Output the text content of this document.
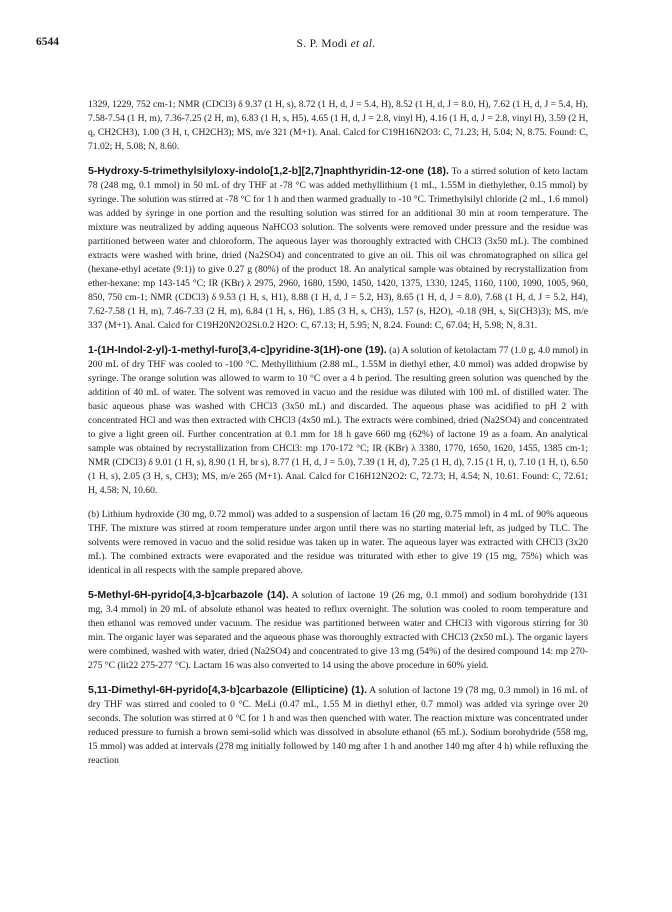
6544	S. P. Modi et al.

1329, 1229, 752 cm-1; NMR (CDCl3) δ 9.37 (1 H, s), 8.72 (1 H, d, J = 5.4, H), 8.52 (1 H, d, J = 8.0, H), 7.62 (1 H, d, J = 5.4, H), 7.58-7.54 (1 H, m), 7.36-7.25 (2 H, m), 6.83 (1 H, s, H5), 4.65 (1 H, d, J = 2.8, vinyl H), 4.16 (1 H, d, J = 2.8, vinyl H), 3.59 (2 H, q, CH2CH3), 1.00 (3 H, t, CH2CH3); MS, m/e 321 (M+1). Anal. Calcd for C19H16N2O3: C, 71.23; H, 5.04; N, 8.75. Found: C, 71.02; H, 5.08; N, 8.60.

5-Hydroxy-5-trimethylsilyloxy-indolo[1,2-b][2,7]naphthyridin-12-one (18). To a stirred solution of keto lactam 78 (248 mg, 0.1 mmol) in 50 mL of dry THF at -78 °C was added methyllithium (1 mL, 1.55M in diethylether, 0.15 mmol) by syringe. The solution was stirred at -78 °C for 1 h and then warmed gradually to -10 °C. Trimethylsilyl chloride (2 mL, 1.6 mmol) was added by syringe in one portion and the resulting solution was stirred for an additional 30 min at room temperature. The mixture was neutralized by adding aqueous NaHCO3 solution. The solvents were removed under pressure and the residue was partitioned between water and chloroform. The aqueous layer was thoroughly extracted with CHCl3 (3x50 mL). The combined extracts were washed with brine, dried (Na2SO4) and concentrated to give an oil. This oil was chromatographed on silica gel (hexane-ethyl acetate (9:1)) to give 0.27 g (80%) of the product 18. An analytical sample was obtained by recrystallization from ether-hexane: mp 143-145 °C; IR (KBr) λ 2975, 2960, 1680, 1590, 1450, 1420, 1375, 1330, 1245, 1160, 1100, 1090, 1005, 960, 850, 750 cm-1; NMR (CDCl3) δ 9.53 (1 H, s, H1), 8.88 (1 H, d, J = 5.2, H3), 8.65 (1 H, d, J = 8.0), 7.68 (1 H, d, J = 5.2, H4), 7.62-7.58 (1 H, m), 7.46-7.33 (2 H, m), 6.84 (1 H, s, H6), 1.85 (3 H, s, CH3), 1.57 (s, H2O), -0.18 (9H, s, Si(CH3)3); MS, m/e 337 (M+1). Anal. Calcd for C19H20N2O2Si.0.2 H2O: C, 67.13; H, 5.95; N, 8.24. Found: C, 67.04; H, 5.98; N, 8.31.

1-(1H-Indol-2-yl)-1-methyl-furo[3,4-c]pyridine-3(1H)-one (19). (a) A solution of ketolactam 77 (1.0 g, 4.0 mmol) in 200 mL of dry THF was cooled to -100 °C. Methyllithium (2.88 mL, 1.55M in diethyl ether, 4.0 mmol) was added dropwise by syringe. The orange solution was allowed to warm to 10 °C over a 4 h period. The resulting green solution was quenched by the addition of 40 mL of water. The solvent was removed in vacuo and the residue was diluted with 100 mL of distilled water. The basic aqueous phase was washed with CHCl3 (3x50 mL) and discarded. The aqueous phase was acidified to pH 2 with concentrated HCl and was then extracted with CHCl3 (4x50 mL). The extracts were combined, dried (Na2SO4) and concentrated to give a light green oil. Further concentration at 0.1 mm for 18 h gave 660 mg (62%) of lactone 19 as a foam. An analytical sample was obtained by recrystallization from CHCl3: mp 170-172 °C; IR (KBr) λ 3380, 1770, 1650, 1620, 1455, 1385 cm-1; NMR (CDCl3) δ 9.01 (1 H, s), 8.90 (1 H, br s), 8.77 (1 H, d, J = 5.0), 7.39 (1 H, d), 7.25 (1 H, d), 7.15 (1 H, t), 7.10 (1 H, t), 6.50 (1 H, s), 2.05 (3 H, s, CH3); MS, m/e 265 (M+1). Anal. Calcd for C16H12N2O2: C, 72.73; H, 4.54; N, 10.61. Found: C, 72.61; H, 4.58; N, 10.60.

(b) Lithium hydroxide (30 mg, 0.72 mmol) was added to a suspension of lactam 16 (20 mg, 0.75 mmol) in 4 mL of 90% aqueous THF. The mixture was stirred at room temperature under argon until there was no starting material left, as judged by TLC. The solvents were removed in vacuo and the solid residue was taken up in water. The aqueous layer was extracted with CHCl3 (3x20 mL). The combined extracts were evaporated and the residue was triturated with ether to give 19 (15 mg, 75%) which was identical in all respects with the sample prepared above.

5-Methyl-6H-pyrido[4,3-b]carbazole (14). A solution of lactone 19 (26 mg, 0.1 mmol) and sodium borohydride (131 mg, 3.4 mmol) in 20 mL of absolute ethanol was heated to reflux overnight. The solution was cooled to room temperature and then ethanol was removed under vacuum. The residue was partitioned between water and CHCl3 with vigorous stirring for 30 min. The organic layer was separated and the aqueous phase was thoroughly extracted with CHCl3 (2x50 mL). The organic layers were combined, washed with water, dried (Na2SO4) and concentrated to give 13 mg (54%) of the desired compound 14: mp 270-275 °C (lit22 275-277 °C). Lactam 16 was also converted to 14 using the above procedure in 60% yield.

5,11-Dimethyl-6H-pyrido[4,3-b]carbazole (Ellipticine) (1). A solution of lactone 19 (78 mg, 0.3 mmol) in 16 mL of dry THF was stirred and cooled to 0 °C. MeLi (0.47 mL, 1.55 M in diethyl ether, 0.7 mmol) was added via syringe over 20 seconds. The solution was stirred at 0 °C for 1 h and was then quenched with water. The reaction mixture was concentrated under reduced pressure to furnish a brown semi-solid which was dissolved in absolute ethanol (65 mL). Sodium borohydride (558 mg, 15 mmol) was added at intervals (278 mg initially followed by 140 mg after 1 h and another 140 mg after 4 h) while refluxing the reaction
